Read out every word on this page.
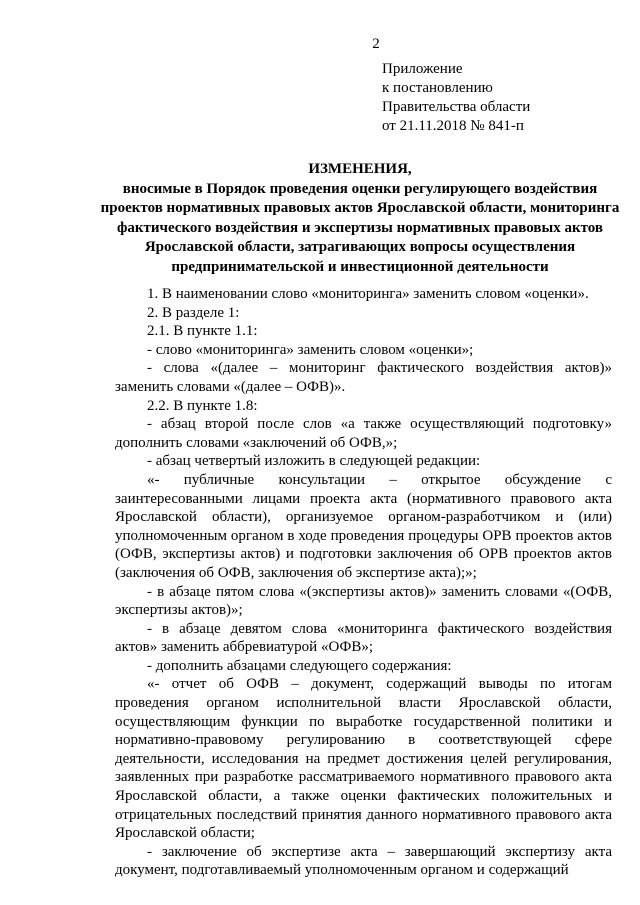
2
Приложение
к постановлению
Правительства области
от 21.11.2018 № 841-п
ИЗМЕНЕНИЯ,
вносимые в Порядок проведения оценки регулирующего воздействия проектов нормативных правовых актов Ярославской области, мониторинга фактического воздействия и экспертизы нормативных правовых актов Ярославской области, затрагивающих вопросы осуществления предпринимательской и инвестиционной деятельности

1. В наименовании слово «мониторинга» заменить словом «оценки».

2. В разделе 1:

2.1. В пункте 1.1:

- слово «мониторинга» заменить словом «оценки»;

- слова «(далее – мониторинг фактического воздействия актов)» заменить словами «(далее – ОФВ)».

2.2. В пункте 1.8:

- абзац второй после слов «а также осуществляющий подготовку» дополнить словами «заключений об ОФВ,»;

- абзац четвертый изложить в следующей редакции:

«- публичные консультации – открытое обсуждение с заинтересованными лицами проекта акта (нормативного правового акта Ярославской области), организуемое органом-разработчиком и (или) уполномоченным органом в ходе проведения процедуры ОРВ проектов актов (ОФВ, экспертизы актов) и подготовки заключения об ОРВ проектов актов (заключения об ОФВ, заключения об экспертизе акта);»;

- в абзаце пятом слова «(экспертизы актов)» заменить словами «(ОФВ, экспертизы актов)»;

- в абзаце девятом слова «мониторинга фактического воздействия актов» заменить аббревиатурой «ОФВ»;

- дополнить абзацами следующего содержания:

«- отчет об ОФВ – документ, содержащий выводы по итогам проведения органом исполнительной власти Ярославской области, осуществляющим функции по выработке государственной политики и нормативно-правовому регулированию в соответствующей сфере деятельности, исследования на предмет достижения целей регулирования, заявленных при разработке рассматриваемого нормативного правового акта Ярославской области, а также оценки фактических положительных и отрицательных последствий принятия данного нормативного правового акта Ярославской области;

- заключение об экспертизе акта – завершающий экспертизу акта документ, подготавливаемый уполномоченным органом и содержащий
